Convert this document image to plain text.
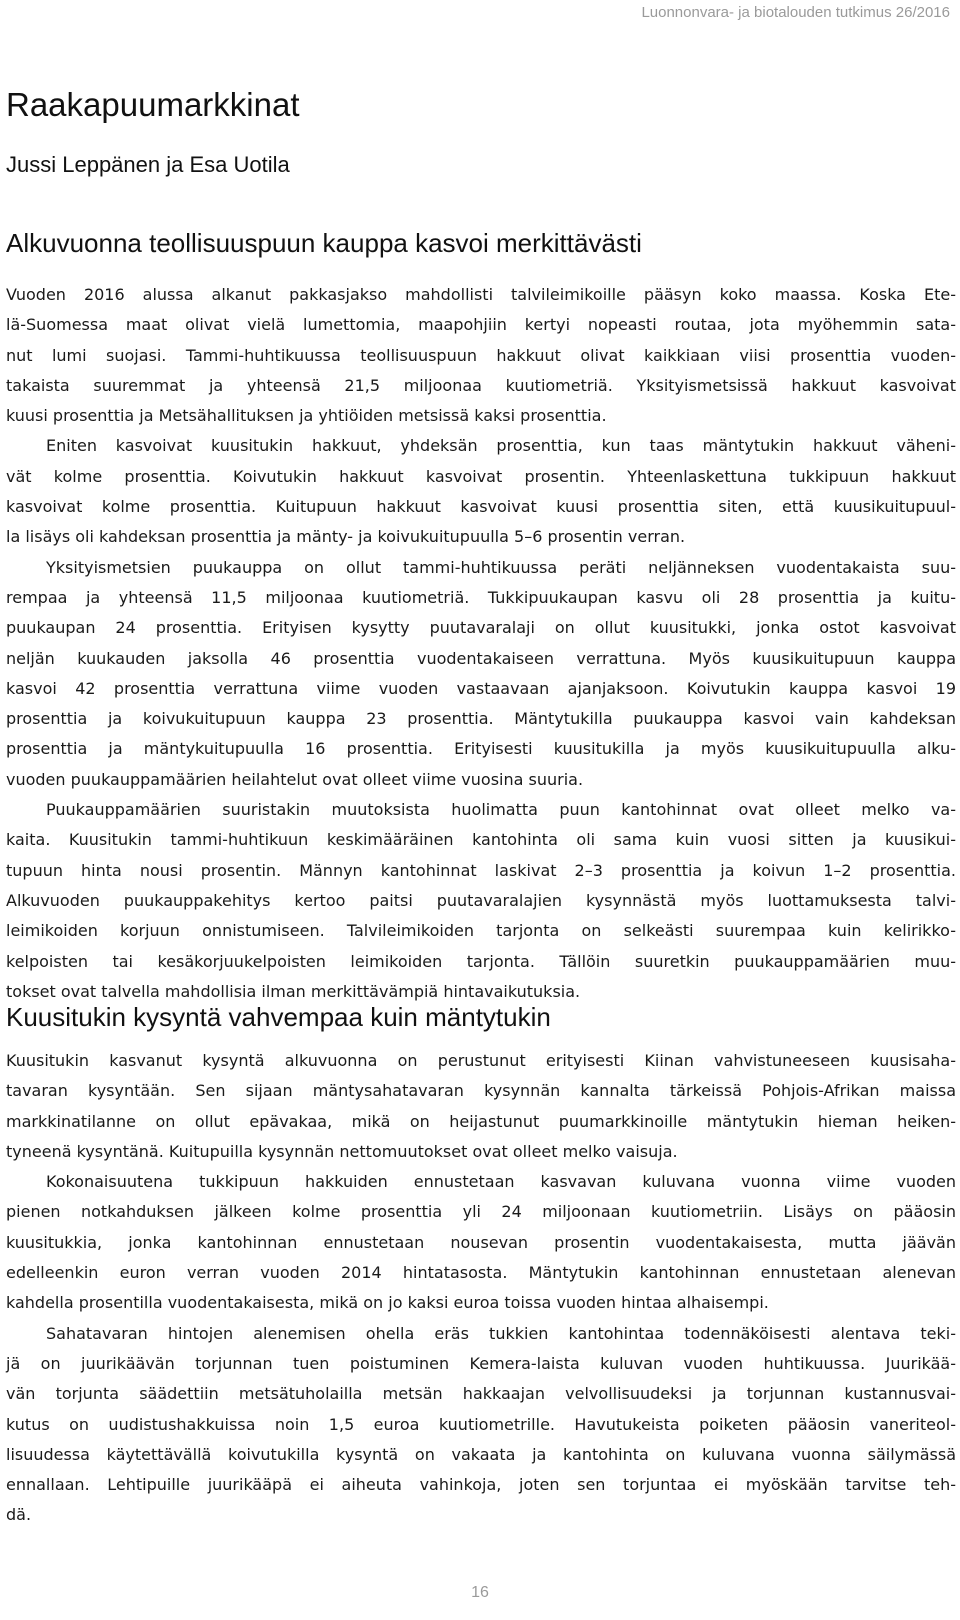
Luonnonvara- ja biotalouden tutkimus 26/2016
Raakapuumarkkinat
Jussi Leppänen ja Esa Uotila
Alkuvuonna teollisuuspuun kauppa kasvoi merkittävästi
Vuoden 2016 alussa alkanut pakkasjakso mahdollisti talvileimikoille pääsyn koko maassa. Koska Ete-
lä-Suomessa maat olivat vielä lumettomia, maapohjiin kertyi nopeasti routaa, jota myöhemmin sata-
nut lumi suojasi. Tammi-huhtikuussa teollisuuspuun hakkuut olivat kaikkiaan viisi prosenttia vuoden-
takaista suuremmat ja yhteensä 21,5 miljoonaa kuutiometriä. Yksityismetsissä hakkuut kasvoivat
kuusi prosenttia ja Metsähallituksen ja yhtiöiden metsissä kaksi prosenttia.
Eniten kasvoivat kuusitukin hakkuut, yhdeksän prosenttia, kun taas mäntytukin hakkuut väheni-
vät kolme prosenttia. Koivutukin hakkuut kasvoivat prosentin. Yhteenlaskettuna tukkipuun hakkuut
kasvoivat kolme prosenttia. Kuitupuun hakkuut kasvoivat kuusi prosenttia siten, että kuusikuitupuul-
la lisäys oli kahdeksan prosenttia ja mänty- ja koivukuitupuulla 5–6 prosentin verran.
Yksityismetsien puukauppa on ollut tammi-huhtikuussa peräti neljänneksen vuodentakaista suu-
rempaa ja yhteensä 11,5 miljoonaa kuutiometriä. Tukkipuukaupan kasvu oli 28 prosenttia ja kuitu-
puukaupan 24 prosenttia. Erityisen kysytty puutavaralaji on ollut kuusitukki, jonka ostot kasvoivat
neljän kuukauden jaksolla 46 prosenttia vuodentakaiseen verrattuna. Myös kuusikuitupuun kauppa
kasvoi 42 prosenttia verrattuna viime vuoden vastaavaan ajanjaksoon. Koivutukin kauppa kasvoi 19
prosenttia ja koivukuitupuun kauppa 23 prosenttia. Mäntytukilla puukauppa kasvoi vain kahdeksan
prosenttia ja mäntykuitupuulla 16 prosenttia. Erityisesti kuusitukilla ja myös kuusikuitupuulla alku-
vuoden puukauppamäärien heilahtelut ovat olleet viime vuosina suuria.
Puukauppamäärien suuristakin muutoksista huolimatta puun kantohinnat ovat olleet melko va-
kaita. Kuusitukin tammi-huhtikuun keskimääräinen kantohinta oli sama kuin vuosi sitten ja kuusikui-
tupuun hinta nousi prosentin. Männyn kantohinnat laskivat 2–3 prosenttia ja koivun 1–2 prosenttia.
Alkuvuoden puukauppakehitys kertoo paitsi puutavaralajien kysynnästä myös luottamuksesta talvi-
leimikoiden korjuun onnistumiseen. Talvileimikoiden tarjonta on selkeästi suurempaa kuin kelirikko-
kelpoisten tai kesäkorjuukelpoisten leimikoiden tarjonta. Tällöin suuretkin puukauppamäärien muu-
tokset ovat talvella mahdollisia ilman merkittävämpiä hintavaikutuksia.
Kuusitukin kysyntä vahvempaa kuin mäntytukin
Kuusitukin kasvanut kysyntä alkuvuonna on perustunut erityisesti Kiinan vahvistuneeseen kuusisaha-
tavaran kysyntään. Sen sijaan mäntysahatavaran kysynnän kannalta tärkeissä Pohjois-Afrikan maissa
markkinatilanne on ollut epävakaa, mikä on heijastunut puumarkkinoille mäntytukin hieman heiken-
tyneenä kysyntänä. Kuitupuilla kysynnän nettomuutokset ovat olleet melko vaisuja.
Kokonaisuutena tukkipuun hakkuiden ennustetaan kasvavan kuluvana vuonna viime vuoden
pienen notkahduksen jälkeen kolme prosenttia yli 24 miljoonaan kuutiometriin. Lisäys on pääosin
kuusitukkia, jonka kantohinnan ennustetaan nousevan prosentin vuodentakaisesta, mutta jäävän
edelleenkin euron verran vuoden 2014 hintatasosta. Mäntytukin kantohinnan ennustetaan alenevan
kahdella prosentilla vuodentakaisesta, mikä on jo kaksi euroa toissa vuoden hintaa alhaisempi.
Sahatavaran hintojen alenemisen ohella eräs tukkien kantohintaa todennäköisesti alentava teki-
jä on juurikäävän torjunnan tuen poistuminen Kemera-laista kuluvan vuoden huhtikuussa. Juurikää-
vän torjunta säädettiin metsätuholailla metsän hakkaajan velvollisuudeksi ja torjunnan kustannusvai-
kutus on uudistushakkuissa noin 1,5 euroa kuutiometrille. Havutukeista poiketen pääosin vaneriteol-
lisuudessa käytettävällä koivutukilla kysyntä on vakaata ja kantohinta on kuluvana vuonna säilymässä
ennallaan. Lehtipuille juurikääpä ei aiheuta vahinkoja, joten sen torjuntaa ei myöskään tarvitse teh-
dä.
16
